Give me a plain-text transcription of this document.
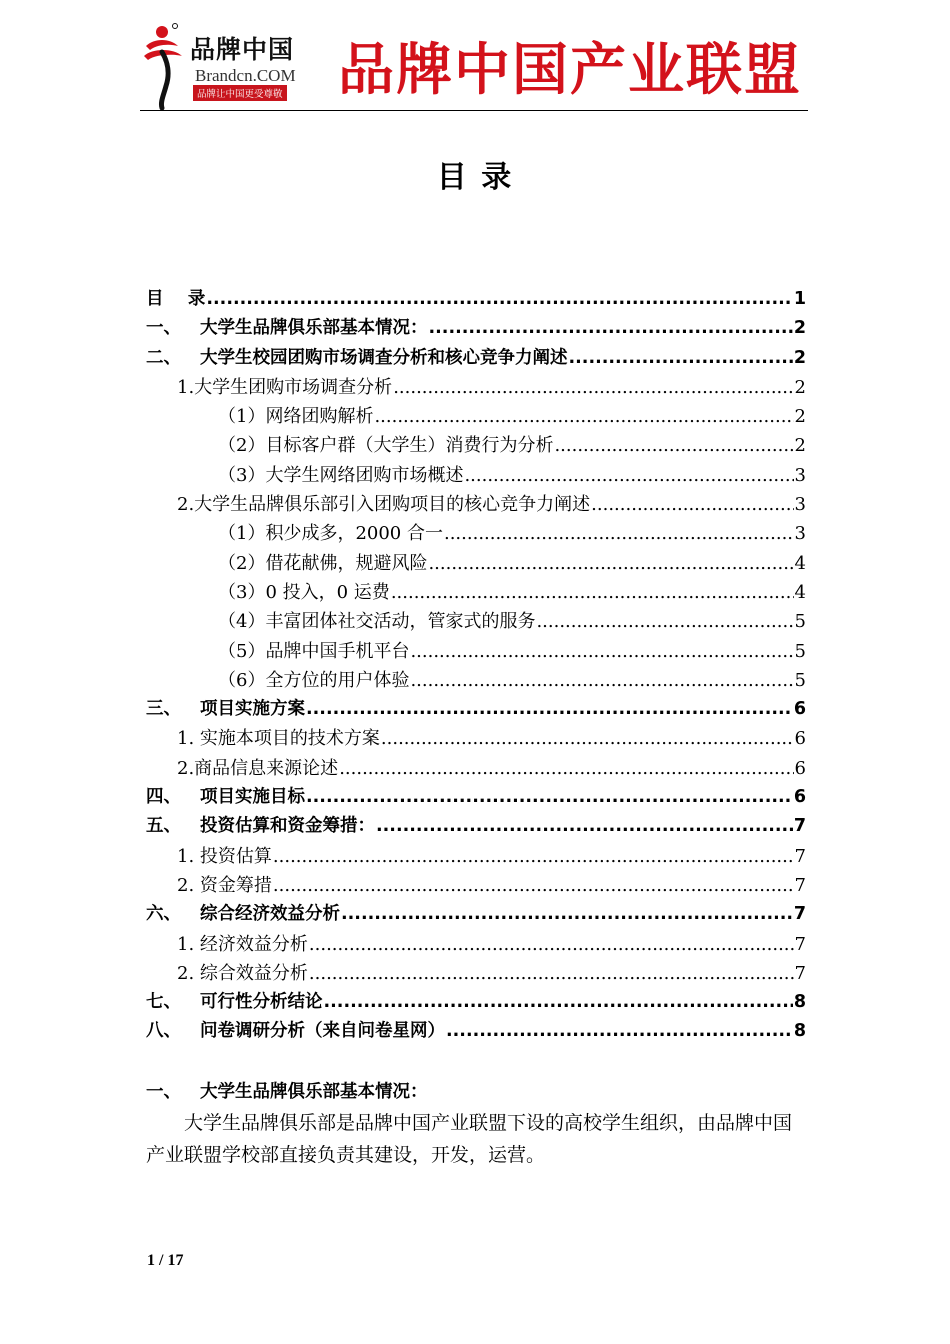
品牌中国
Brandcn.COM
品牌让中国更受尊敬 品牌中国产业联盟
目 录
目    录 .....	1
一、	大学生品牌俱乐部基本情况： .....	2
二、	大学生校园团购市场调查分析和核心竞争力阐述 .....	2
1.大学生团购市场调查分析 .....	2
（1）网络团购解析 .....	2
（2）目标客户群（大学生）消费行为分析 .....	2
（3）大学生网络团购市场概述 .....	3
2.大学生品牌俱乐部引入团购项目的核心竞争力阐述 .....	3
（1）积少成多，2000 合一 .....	3
（2）借花献佛，规避风险 .....	4
（3）0 投入，0 运费 .....	4
（4）丰富团体社交活动，管家式的服务 .....	5
（5）品牌中国手机平台 .....	5
（6）全方位的用户体验 .....	5
三、	项目实施方案 .....	6
1. 实施本项目的技术方案 .....	6
2.商品信息来源论述 .....	6
四、	项目实施目标 .....	6
五、	投资估算和资金筹措： .....	7
1. 投资估算 .....	7
2. 资金筹措 .....	7
六、	综合经济效益分析 .....	7
1. 经济效益分析 .....	7
2. 综合效益分析 .....	7
七、	可行性分析结论 .....	8
八、	问卷调研分析（来自问卷星网） .....	8
一、 大学生品牌俱乐部基本情况：

大学生品牌俱乐部是品牌中国产业联盟下设的高校学生组织，由品牌中国产业联盟学校部直接负责其建设，开发，运营。

1 / 17
